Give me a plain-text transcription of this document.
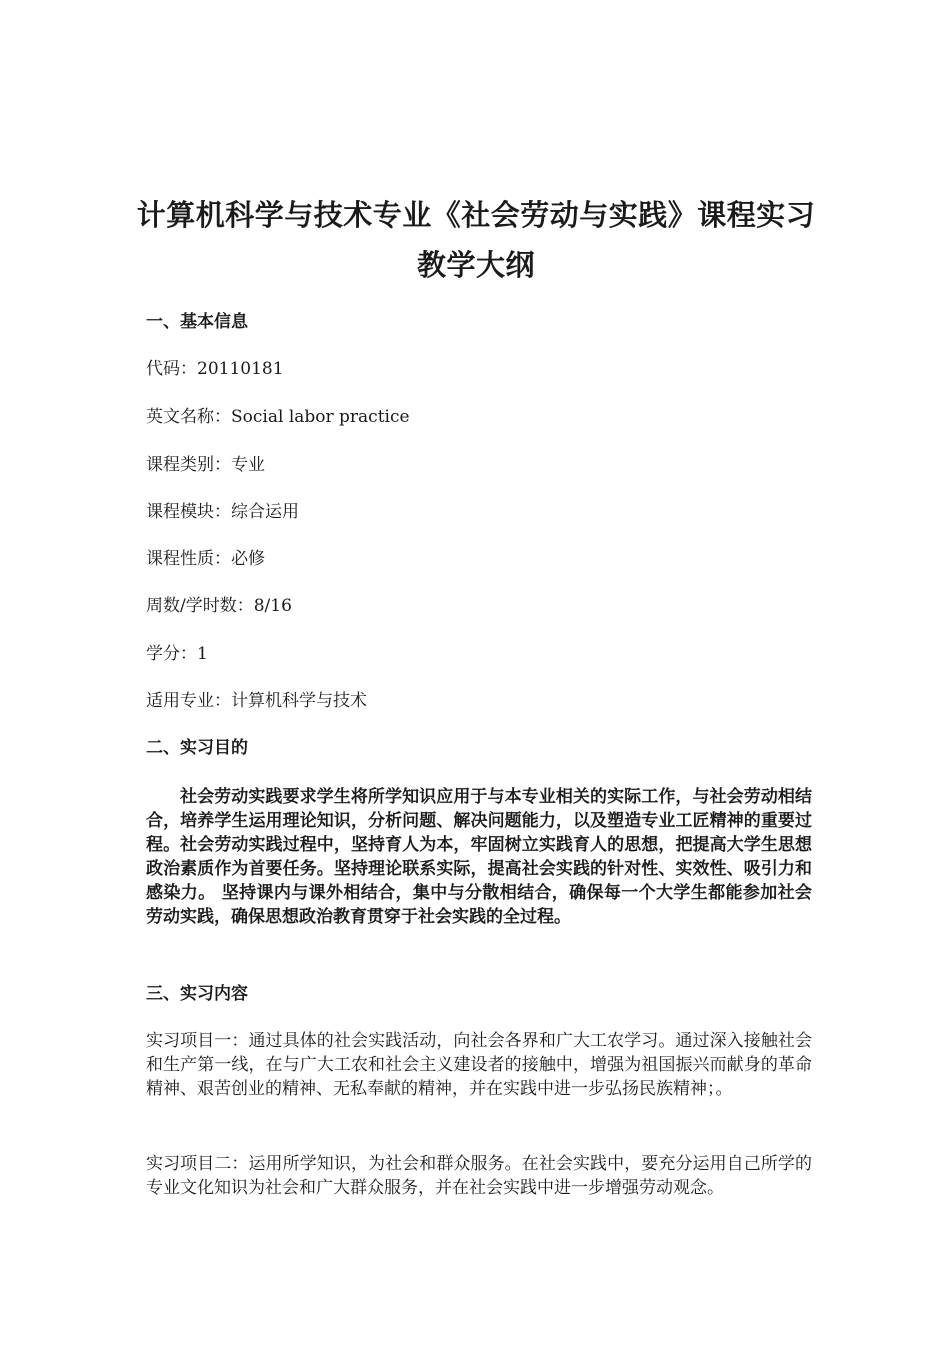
计算机科学与技术专业《社会劳动与实践》课程实习
教学大纲
一、基本信息
代码：20110181
英文名称：Social labor practice
课程类别：专业
课程模块：综合运用
课程性质：必修
周数/学时数：8/16
学分：1
适用专业：计算机科学与技术
二、实习目的
社会劳动实践要求学生将所学知识应用于与本专业相关的实际工作，与社会劳动相结合，培养学生运用理论知识，分析问题、解决问题能力，以及塑造专业工匠精神的重要过程。社会劳动实践过程中，坚持育人为本，牢固树立实践育人的思想，把提高大学生思想政治素质作为首要任务。坚持理论联系实际，提高社会实践的针对性、实效性、吸引力和感染力。 坚持课内与课外相结合，集中与分散相结合，确保每一个大学生都能参加社会劳动实践，确保思想政治教育贯穿于社会实践的全过程。
三、实习内容
实习项目一：通过具体的社会实践活动，向社会各界和广大工农学习。通过深入接触社会和生产第一线，在与广大工农和社会主义建设者的接触中，增强为祖国振兴而献身的革命精神、艰苦创业的精神、无私奉献的精神，并在实践中进一步弘扬民族精神；。
实习项目二：运用所学知识，为社会和群众服务。在社会实践中，要充分运用自己所学的专业文化知识为社会和广大群众服务，并在社会实践中进一步增强劳动观念。
